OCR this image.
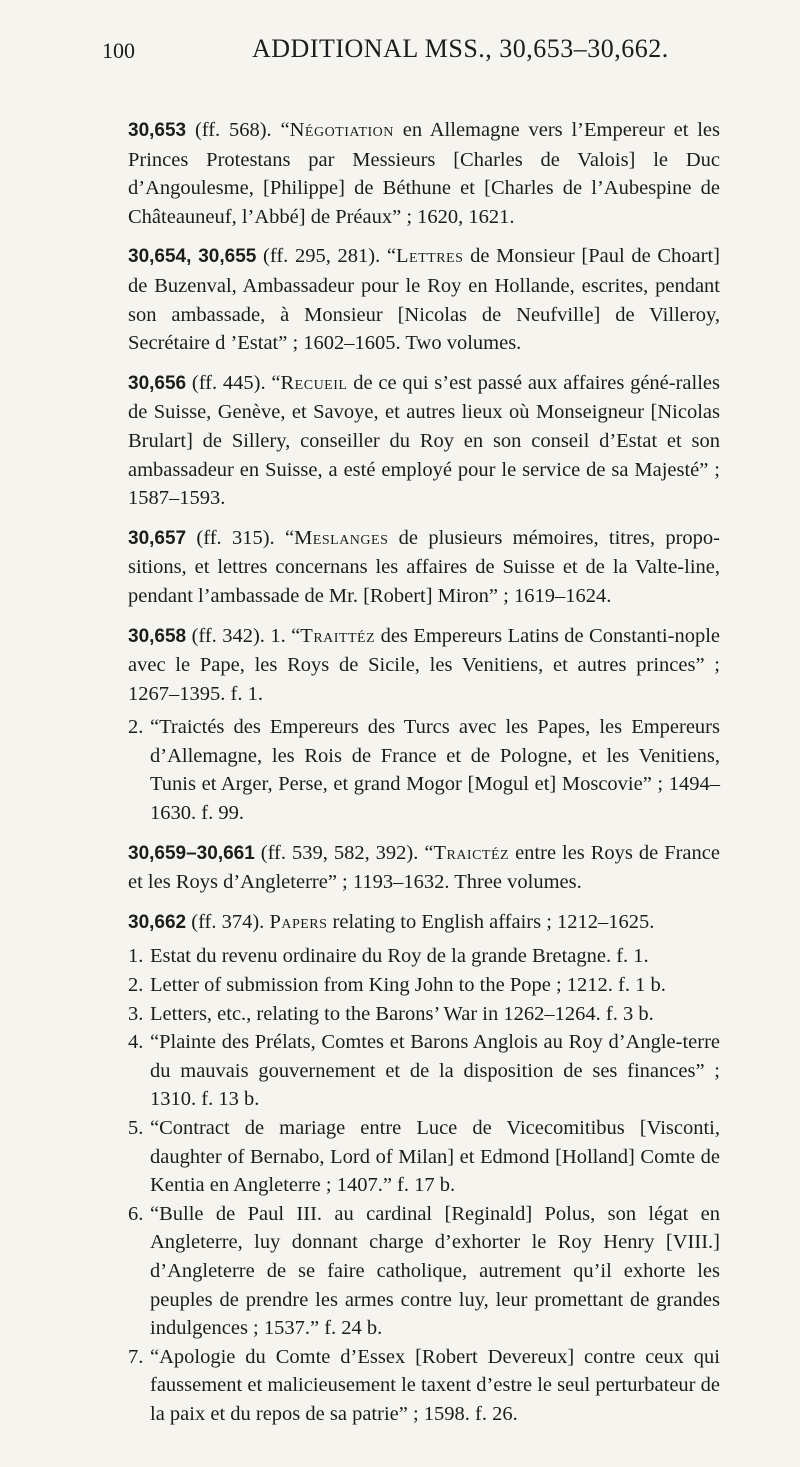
100	ADDITIONAL MSS., 30,653–30,662.

30,653 (ff. 568). “Négotiation en Allemagne vers l’Empereur et les Princes Protestans par Messieurs [Charles de Valois] le Duc d’Angoulesme, [Philippe] de Béthune et [Charles de l’Aubespine de Châteauneuf, l’Abbé] de Préaux” ; 1620, 1621.

30,654, 30,655 (ff. 295, 281). “Lettres de Monsieur [Paul de Choart] de Buzenval, Ambassadeur pour le Roy en Hollande, escrites, pendant son ambassade, à Monsieur [Nicolas de Neufville] de Villeroy, Secrétaire d ’Estat” ; 1602–1605. Two volumes.

30,656 (ff. 445). “Recueil de ce qui s’est passé aux affaires géné-ralles de Suisse, Genève, et Savoye, et autres lieux où Monseigneur [Nicolas Brulart] de Sillery, conseiller du Roy en son conseil d’Estat et son ambassadeur en Suisse, a esté employé pour le service de sa Majesté” ; 1587–1593.

30,657 (ff. 315). “Meslanges de plusieurs mémoires, titres, propo-sitions, et lettres concernans les affaires de Suisse et de la Valte-line, pendant l’ambassade de Mr. [Robert] Miron” ; 1619–1624.

30,658 (ff. 342). 1. “Traittéz des Empereurs Latins de Constanti-nople avec le Pape, les Roys de Sicile, les Venitiens, et autres princes” ; 1267–1395. f. 1.

2. “Traictés des Empereurs des Turcs avec les Papes, les Empereurs d’Allemagne, les Rois de France et de Pologne, et les Venitiens, Tunis et Arger, Perse, et grand Mogor [Mogul et] Moscovie” ; 1494–1630. f. 99.

30,659–30,661 (ff. 539, 582, 392). “Traictéz entre les Roys de France et les Roys d’Angleterre” ; 1193–1632. Three volumes.

30,662 (ff. 374). Papers relating to English affairs ; 1212–1625.

1. Estat du revenu ordinaire du Roy de la grande Bretagne. f. 1.

2. Letter of submission from King John to the Pope ; 1212. f. 1 b.

3. Letters, etc., relating to the Barons’ War in 1262–1264. f. 3 b.

4. “Plainte des Prélats, Comtes et Barons Anglois au Roy d’Angle-terre du mauvais gouvernement et de la disposition de ses finances” ; 1310. f. 13 b.

5. “Contract de mariage entre Luce de Vicecomitibus [Visconti, daughter of Bernabo, Lord of Milan] et Edmond [Holland] Comte de Kentia en Angleterre ; 1407.” f. 17 b.

6. “Bulle de Paul III. au cardinal [Reginald] Polus, son légat en Angleterre, luy donnant charge d’exhorter le Roy Henry [VIII.] d’Angleterre de se faire catholique, autrement qu’il exhorte les peuples de prendre les armes contre luy, leur promettant de grandes indulgences ; 1537.” f. 24 b.

7. “Apologie du Comte d’Essex [Robert Devereux] contre ceux qui faussement et malicieusement le taxent d’estre le seul perturbateur de la paix et du repos de sa patrie” ; 1598. f. 26.
